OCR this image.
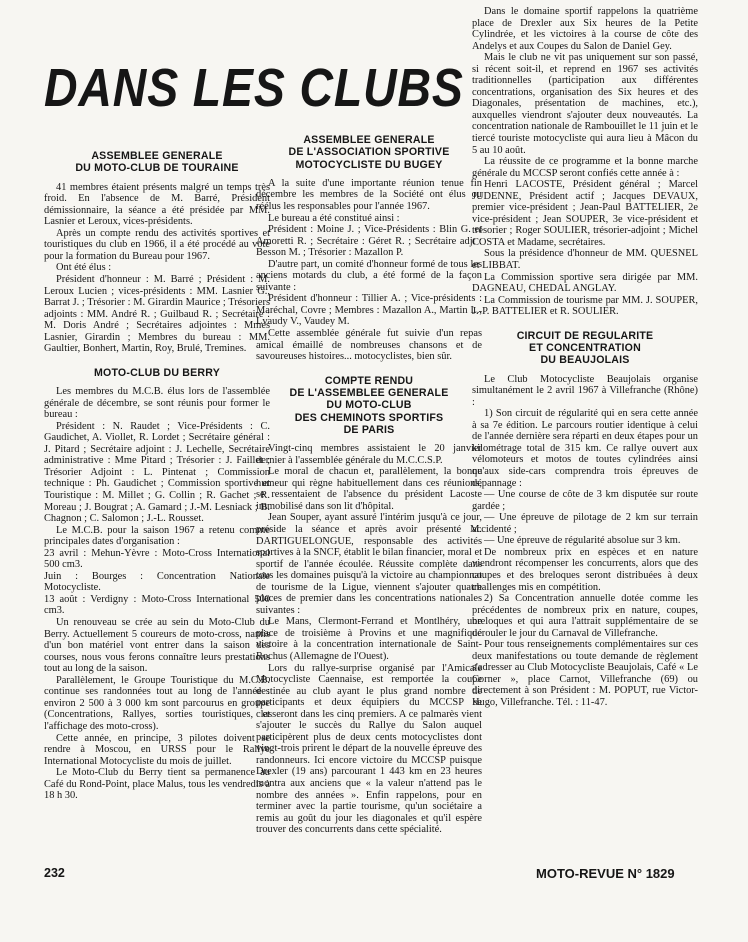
DANS LES CLUBS
ASSEMBLEE GENERALE
DU MOTO-CLUB DE TOURAINE

41 membres étaient présents malgré un temps très froid. En l'absence de M. Barré, Président démissionnaire, la séance a été présidée par MM. Lasnier et Leroux, vices-présidents.

Après un compte rendu des activités sportives et touristiques du club en 1966, il a été procédé au vote pour la formation du Bureau pour 1967.

Ont été élus :

Président d'honneur : M. Barré ; Président : M. Leroux Lucien ; vices-présidents : MM. Lasnier G., Barrat J. ; Trésorier : M. Girardin Maurice ; Trésoriers adjoints : MM. André R. ; Guilbaud R. ; Secrétaire : M. Doris André ; Secrétaires adjointes : Mmes Lasnier, Girardin ; Membres du bureau : MM. Gaultier, Bonhert, Martin, Roy, Brulé, Tremines.

MOTO-CLUB DU BERRY

Les membres du M.C.B. élus lors de l'assemblée générale de décembre, se sont réunis pour former le bureau :

Président : N. Raudet ; Vice-Présidents : C. Gaudichet, A. Viollet, R. Lordet ; Secrétaire général : J. Pitard ; Secrétaire adjoint : J. Lechelle, Secrétaire administrative : Mme Pitard ; Trésorier : J. Faillet ; Trésorier Adjoint : L. Pintenat ; Commission technique : Ph. Gaudichet ; Commission sportive et Touristique : M. Millet ; G. Collin ; R. Gachet ; R. Moreau ; J. Bougrat ; A. Gamard ; J.-M. Lesniack ; B. Chagnon ; C. Salomon ; J.-L. Rousset.

Le M.C.B. pour la saison 1967 a retenu comme principales dates d'organisation :

23 avril : Mehun-Yèvre : Moto-Cross International 500 cm3.

Juin : Bourges : Concentration Nationale Motocycliste.

13 août : Verdigny : Moto-Cross International 500 cm3.

Un renouveau se crée au sein du Moto-Club du Berry. Actuellement 5 coureurs de moto-cross, nantis d'un bon matériel vont entrer dans la saison des courses, nous vous ferons connaître leurs prestations tout au long de la saison.

Parallèlement, le Groupe Touristique du M.C.B. continue ses randonnées tout au long de l'année : environ 2 500 à 3 000 km sont parcourus en groupe (Concentrations, Rallyes, sorties touristiques, et l'affichage des moto-cross).

Cette année, en principe, 3 pilotes doivent se rendre à Moscou, en URSS pour le Rallye International Motocycliste du mois de juillet.

Le Moto-Club du Berry tient sa permanence au Café du Rond-Point, place Malus, tous les vendredis à 18 h 30.

ASSEMBLEE GENERALE
DE L'ASSOCIATION SPORTIVE
MOTOCYCLISTE DU BUGEY

A la suite d'une importante réunion tenue fin décembre les membres de la Société ont élus ou réélus les responsables pour l'année 1967.

Le bureau a été constitué ainsi :

Président : Moine J. ; Vice-Présidents : Blin G. et Amoretti R. ; Secrétaire : Géret R. ; Secrétaire adjt : Besson M. ; Trésorier : Mazallon P.

D'autre part, un comité d'honneur formé de tous les anciens motards du club, a été formé de la façon suivante :

Président d'honneur : Tillier A. ; Vice-présidents : Maréchal, Covre ; Membres : Mazallon A., Martin L., Lvaudy V., Vaudey M.

Cette assemblée générale fut suivie d'un repas amical émaillé de nombreuses chansons et de savoureuses histoires... motocyclistes, bien sûr.

COMPTE RENDU
DE L'ASSEMBLEE GENERALE
DU MOTO-CLUB
DES CHEMINOTS SPORTIFS
DE PARIS

Vingt-cinq membres assistaient le 20 janvier dernier à l'assemblée générale du M.C.C.S.P.

Le moral de chacun et, parallèlement, la bonne humeur qui règne habituellement dans ces réunions, se ressentaient de l'absence du président Lacoste immobilisé dans son lit d'hôpital.

Jean Souper, ayant assuré l'intérim jusqu'à ce jour, préside la séance et après avoir présenté M. DARTIGUELONGUE, responsable des activités sportives à la SNCF, établit le bilan financier, moral et sportif de l'année écoulée. Réussite complète dans tous les domaines puisqu'à la victoire au championnat de tourisme de la Ligue, viennent s'ajouter quatre places de premier dans les concentrations nationales suivantes :

Le Mans, Clermont-Ferrand et Montlhéry, une place de troisième à Provins et une magnifique victoire à la concentration internationale de Saint-Rochus (Allemagne de l'Ouest).

Lors du rallye-surprise organisé par l'Amicale Motocycliste Caennaise, est remportée la coupe destinée au club ayant le plus grand nombre de participants et deux équipiers du MCCSP se classeront dans les cinq premiers. A ce palmarès vient s'ajouter le succès du Rallye du Salon auquel participèrent plus de deux cents motocyclistes dont vingt-trois prirent le départ de la nouvelle épreuve des randonneurs. Ici encore victoire du MCCSP puisque Drexler (19 ans) parcourant 1 443 km en 23 heures montra aux anciens que « la valeur n'attend pas le nombre des années ». Enfin rappelons, pour en terminer avec la partie tourisme, qu'un sociétaire a remis au goût du jour les diagonales et qu'il espère trouver des concurrents dans cette spécialité.

Dans le domaine sportif rappelons la quatrième place de Drexler aux Six heures de la Petite Cylindrée, et les victoires à la course de côte des Andelys et aux Coupes du Salon de Daniel Gey.

Mais le club ne vit pas uniquement sur son passé, si récent soit-il, et reprend en 1967 ses activités traditionnelles (participation aux différentes concentrations, organisation des Six heures et des Diagonales, présentation de machines, etc.), auxquelles viendront s'ajouter deux nouveautés. La concentration nationale de Rambouillet le 11 juin et le tiercé touriste motocycliste qui aura lieu à Mâcon du 5 au 10 août.

La réussite de ce programme et la bonne marche générale du MCCSP seront confiés cette année à :

Henri LACOSTE, Président général ; Marcel JUDENNE, Président actif ; Jacques DEVAUX, premier vice-président ; Jean-Paul BATTELIER, 2e vice-président ; Jean SOUPER, 3e vice-président et trésorier ; Roger SOULIER, trésorier-adjoint ; Michel COSTA et Madame, secrétaires.

Sous la présidence d'honneur de MM. QUESNEL et LIBBAT.

La Commission sportive sera dirigée par MM. DAGNEAU, CHEDAL ANGLAY.

La Commission de tourisme par MM. J. SOUPER, J.-P. BATTELIER et R. SOULIER.

CIRCUIT DE REGULARITE
ET CONCENTRATION
DU BEAUJOLAIS

Le Club Motocycliste Beaujolais organise simultanément le 2 avril 1967 à Villefranche (Rhône) :

1) Son circuit de régularité qui en sera cette année à sa 7e édition. Le parcours routier identique à celui de l'année dernière sera réparti en deux étapes pour un kilométrage total de 315 km. Ce rallye ouvert aux vélomoteurs et motos de toutes cylindrées ainsi qu'aux side-cars comprendra trois épreuves de dépannage :

— Une course de côte de 3 km disputée sur route gardée ;

— Une épreuve de pilotage de 2 km sur terrain accidenté ;

— Une épreuve de régularité absolue sur 3 km.

De nombreux prix en espèces et en nature viendront récompenser les concurrents, alors que des coupes et des breloques seront distribuées à deux challenges mis en compétition.

2) Sa Concentration annuelle dotée comme les précédentes de nombreux prix en nature, coupes, breloques et qui aura l'attrait supplémentaire de se dérouler le jour du Carnaval de Villefranche.

Pour tous renseignements complémentaires sur ces deux manifestations ou toute demande de règlement s'adresser au Club Motocycliste Beaujolais, Café « Le Corner », place Carnot, Villefranche (69) ou directement à son Président : M. POPUT, rue Victor-Hugo, Villefranche. Tél. : 11-47.

232	MOTO-REVUE N° 1829
